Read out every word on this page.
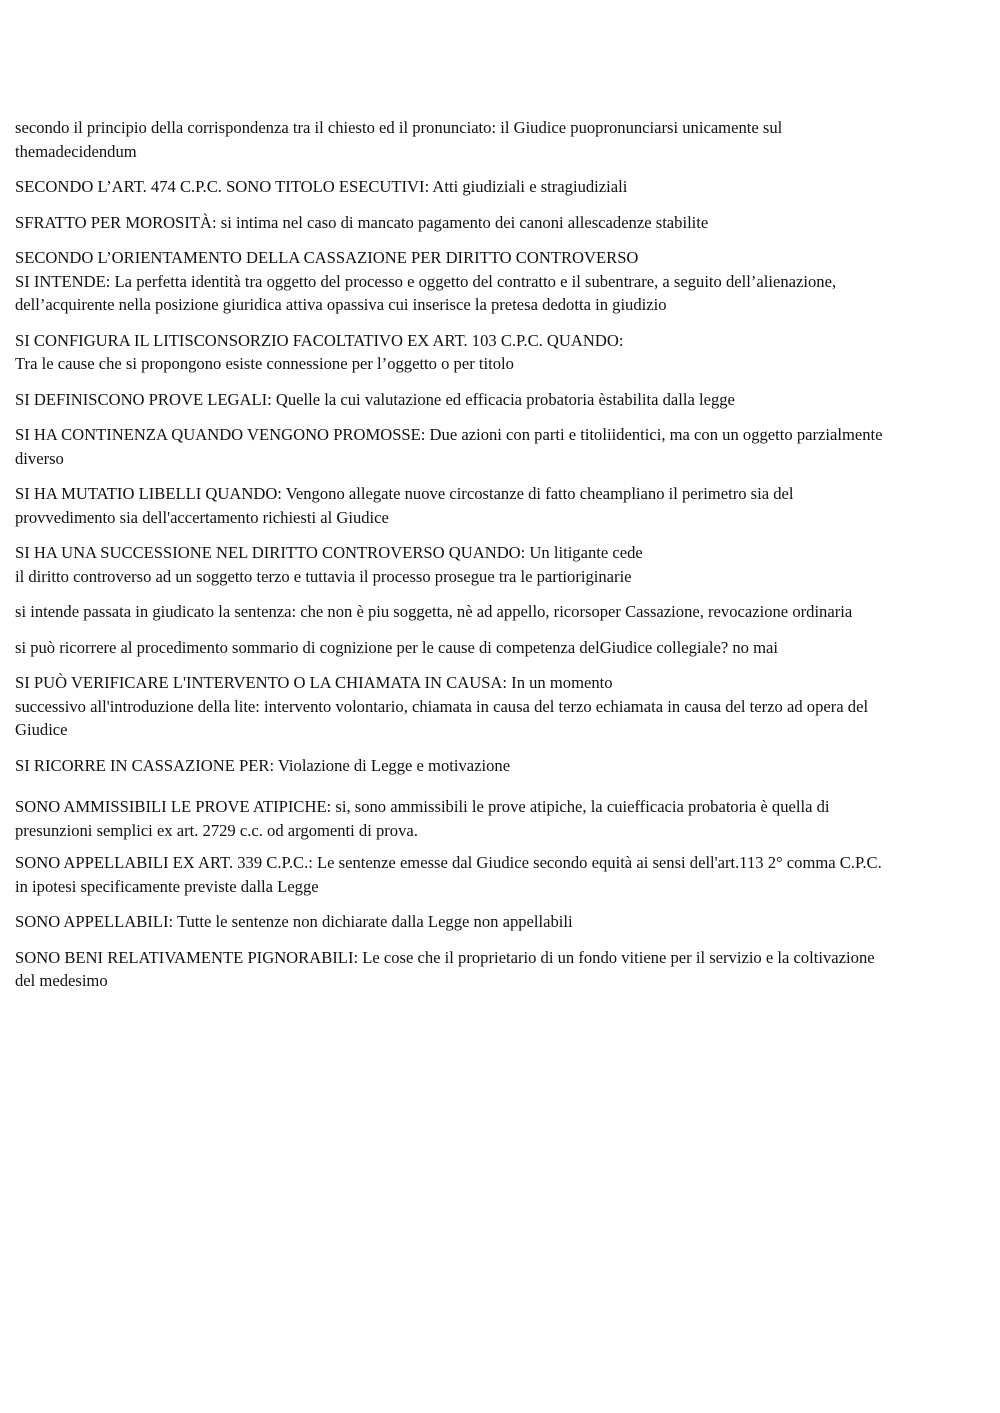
secondo il principio della corrispondenza tra il chiesto ed il pronunciato: il Giudice puopronunciarsi unicamente sul
themadecidendum

SECONDO L’ART. 474 C.P.C. SONO TITOLO ESECUTIVI: Atti giudiziali e stragiudiziali

SFRATTO PER MOROSITÀ: si intima nel caso di mancato pagamento dei canoni allescadenze stabilite

SECONDO L’ORIENTAMENTO DELLA CASSAZIONE PER DIRITTO CONTROVERSO
SI INTENDE: La perfetta identità tra oggetto del processo e oggetto del contratto e il subentrare, a seguito dell’alienazione,
dell’acquirente nella posizione giuridica attiva opassiva cui inserisce la pretesa dedotta in giudizio

SI CONFIGURA IL LITISCONSORZIO FACOLTATIVO EX ART. 103 C.P.C. QUANDO:
Tra le cause che si propongono esiste connessione per l’oggetto o per titolo

SI DEFINISCONO PROVE LEGALI: Quelle la cui valutazione ed efficacia probatoria èstabilita dalla legge

SI HA CONTINENZA QUANDO VENGONO PROMOSSE: Due azioni con parti e titoliidentici, ma con un oggetto parzialmente
diverso

SI HA MUTATIO LIBELLI QUANDO: Vengono allegate nuove circostanze di fatto cheampliano il perimetro sia del
provvedimento sia dell'accertamento richiesti al Giudice

SI HA UNA SUCCESSIONE NEL DIRITTO CONTROVERSO QUANDO: Un litigante cede
il diritto controverso ad un soggetto terzo e tuttavia il processo prosegue tra le partioriginarie

si intende passata in giudicato la sentenza: che non è piu soggetta, nè ad appello, ricorsoper Cassazione, revocazione ordinaria

si può ricorrere al procedimento sommario di cognizione per le cause di competenza delGiudice collegiale? no mai

SI PUÒ VERIFICARE L'INTERVENTO O LA CHIAMATA IN CAUSA: In un momento
successivo all'introduzione della lite: intervento volontario, chiamata in causa del terzo echiamata in causa del terzo ad opera del
Giudice

SI RICORRE IN CASSAZIONE PER: Violazione di Legge e motivazione

SONO AMMISSIBILI LE PROVE ATIPICHE: si, sono ammissibili le prove atipiche, la cuiefficacia probatoria è quella di
presunzioni semplici ex art. 2729 c.c. od argomenti di prova.

SONO APPELLABILI EX ART. 339 C.P.C.: Le sentenze emesse dal Giudice secondo equità ai sensi dell'art.113 2° comma C.P.C.
in ipotesi specificamente previste dalla Legge

SONO APPELLABILI: Tutte le sentenze non dichiarate dalla Legge non appellabili

SONO BENI RELATIVAMENTE PIGNORABILI: Le cose che il proprietario di un fondo vitiene per il servizio e la coltivazione
del medesimo
